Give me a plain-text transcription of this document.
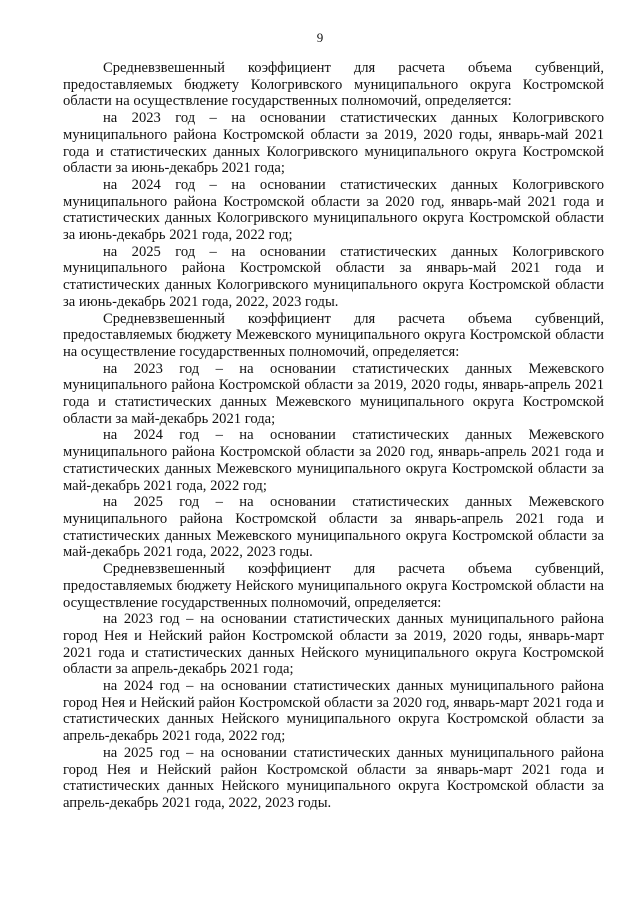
9

Средневзвешенный коэффициент для расчета объема субвенций, предоставляемых бюджету Кологривского муниципального округа Костромской области на осуществление государственных полномочий, определяется:

на 2023 год – на основании статистических данных Кологривского муниципального района Костромской области за 2019, 2020 годы, январь-май 2021 года и статистических данных Кологривского муниципального округа Костромской области за июнь-декабрь 2021 года;

на 2024 год – на основании статистических данных Кологривского муниципального района Костромской области за 2020 год, январь-май 2021 года и статистических данных Кологривского муниципального округа Костромской области за июнь-декабрь 2021 года, 2022 год;

на 2025 год – на основании статистических данных Кологривского муниципального района Костромской области за январь-май 2021 года и статистических данных Кологривского муниципального округа Костромской области за июнь-декабрь 2021 года, 2022, 2023 годы.

Средневзвешенный коэффициент для расчета объема субвенций, предоставляемых бюджету Межевского муниципального округа Костромской области на осуществление государственных полномочий, определяется:

на 2023 год – на основании статистических данных Межевского муниципального района Костромской области за 2019, 2020 годы, январь-апрель 2021 года и статистических данных Межевского муниципального округа Костромской области за май-декабрь 2021 года;

на 2024 год – на основании статистических данных Межевского муниципального района Костромской области за 2020 год, январь-апрель 2021 года и статистических данных Межевского муниципального округа Костромской области за май-декабрь 2021 года, 2022 год;

на 2025 год – на основании статистических данных Межевского муниципального района Костромской области за январь-апрель 2021 года и статистических данных Межевского муниципального округа Костромской области за май-декабрь 2021 года, 2022, 2023 годы.

Средневзвешенный коэффициент для расчета объема субвенций, предоставляемых бюджету Нейского муниципального округа Костромской области на осуществление государственных полномочий, определяется:

на 2023 год – на основании статистических данных муниципального района город Нея и Нейский район Костромской области за 2019, 2020 годы, январь-март 2021 года и статистических данных Нейского муниципального округа Костромской области за апрель-декабрь 2021 года;

на 2024 год – на основании статистических данных муниципального района город Нея и Нейский район Костромской области за 2020 год, январь-март 2021 года и статистических данных Нейского муниципального округа Костромской области за апрель-декабрь 2021 года, 2022 год;

на 2025 год – на основании статистических данных муниципального района город Нея и Нейский район Костромской области за январь-март 2021 года и статистических данных Нейского муниципального округа Костромской области за апрель-декабрь 2021 года, 2022, 2023 годы.
